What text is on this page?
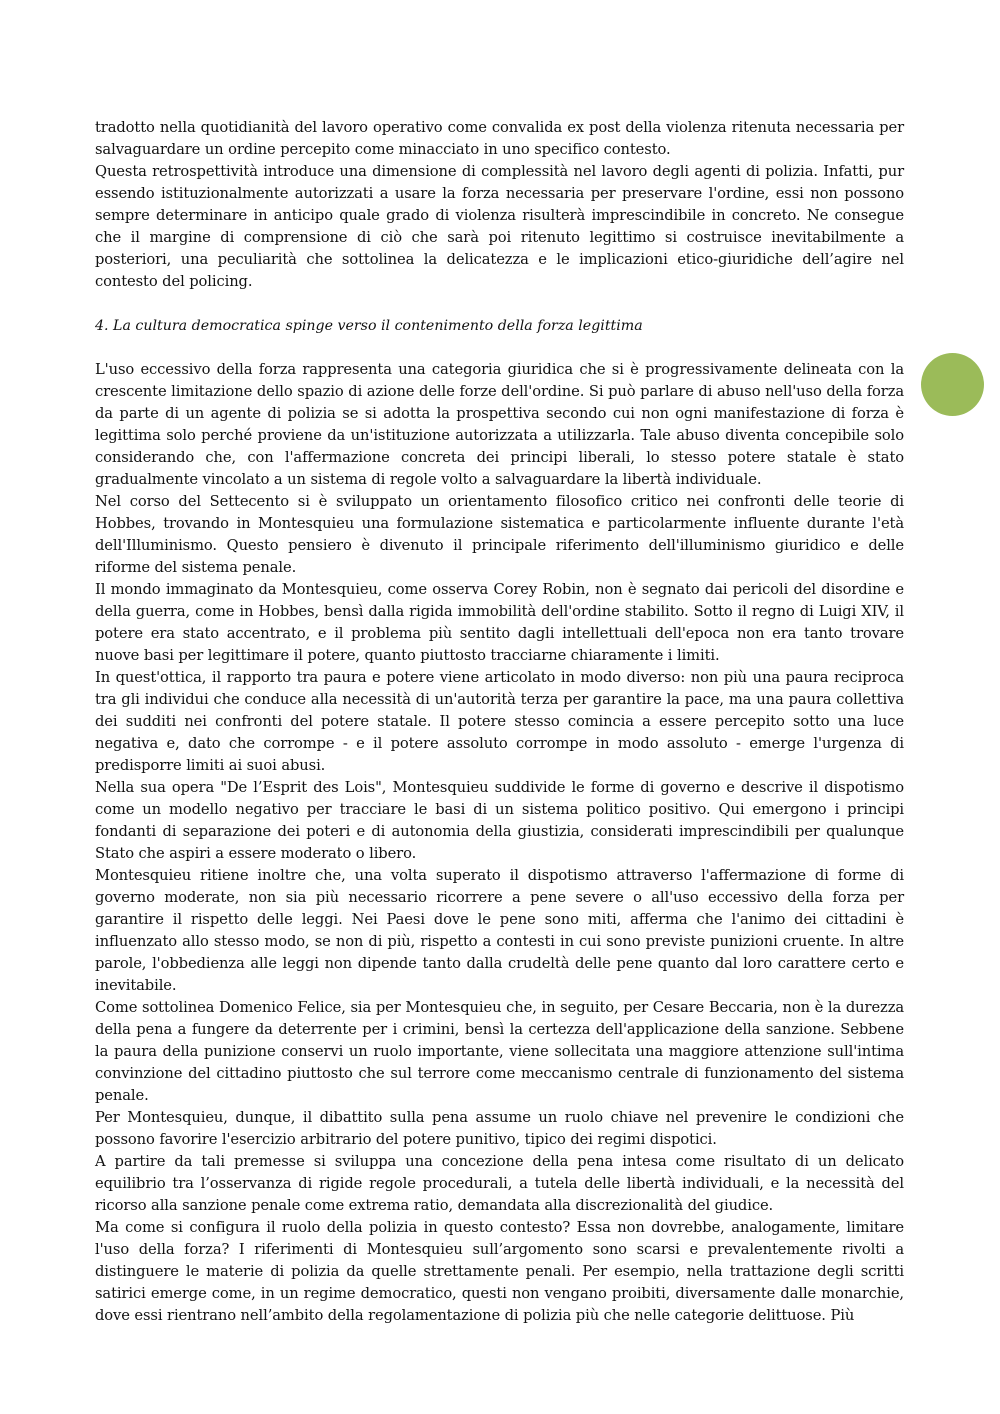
tradotto nella quotidianità del lavoro operativo come convalida ex post della violenza ritenuta necessaria per salvaguardare un ordine percepito come minacciato in uno specifico contesto.

Questa retrospettività introduce una dimensione di complessità nel lavoro degli agenti di polizia. Infatti, pur essendo istituzionalmente autorizzati a usare la forza necessaria per preservare l'ordine, essi non possono sempre determinare in anticipo quale grado di violenza risulterà imprescindibile in concreto. Ne consegue che il margine di comprensione di ciò che sarà poi ritenuto legittimo si costruisce inevitabilmente a posteriori, una peculiarità che sottolinea la delicatezza e le implicazioni etico-giuridiche dell’agire nel contesto del policing.

4. La cultura democratica spinge verso il contenimento della forza legittima

L'uso eccessivo della forza rappresenta una categoria giuridica che si è progressivamente delineata con la crescente limitazione dello spazio di azione delle forze dell'ordine. Si può parlare di abuso nell'uso della forza da parte di un agente di polizia se si adotta la prospettiva secondo cui non ogni manifestazione di forza è legittima solo perché proviene da un'istituzione autorizzata a utilizzarla. Tale abuso diventa concepibile solo considerando che, con l'affermazione concreta dei principi liberali, lo stesso potere statale è stato gradualmente vincolato a un sistema di regole volto a salvaguardare la libertà individuale.

Nel corso del Settecento si è sviluppato un orientamento filosofico critico nei confronti delle teorie di Hobbes, trovando in Montesquieu una formulazione sistematica e particolarmente influente durante l'età dell'Illuminismo. Questo pensiero è divenuto il principale riferimento dell'illuminismo giuridico e delle riforme del sistema penale.

Il mondo immaginato da Montesquieu, come osserva Corey Robin, non è segnato dai pericoli del disordine e della guerra, come in Hobbes, bensì dalla rigida immobilità dell'ordine stabilito. Sotto il regno di Luigi XIV, il potere era stato accentrato, e il problema più sentito dagli intellettuali dell'epoca non era tanto trovare nuove basi per legittimare il potere, quanto piuttosto tracciarne chiaramente i limiti.

In quest'ottica, il rapporto tra paura e potere viene articolato in modo diverso: non più una paura reciproca tra gli individui che conduce alla necessità di un'autorità terza per garantire la pace, ma una paura collettiva dei sudditi nei confronti del potere statale. Il potere stesso comincia a essere percepito sotto una luce negativa e, dato che corrompe - e il potere assoluto corrompe in modo assoluto - emerge l'urgenza di predisporre limiti ai suoi abusi.

Nella sua opera "De l’Esprit des Lois", Montesquieu suddivide le forme di governo e descrive il dispotismo come un modello negativo per tracciare le basi di un sistema politico positivo. Qui emergono i principi fondanti di separazione dei poteri e di autonomia della giustizia, considerati imprescindibili per qualunque Stato che aspiri a essere moderato o libero.

Montesquieu ritiene inoltre che, una volta superato il dispotismo attraverso l'affermazione di forme di governo moderate, non sia più necessario ricorrere a pene severe o all'uso eccessivo della forza per garantire il rispetto delle leggi. Nei Paesi dove le pene sono miti, afferma che l'animo dei cittadini è influenzato allo stesso modo, se non di più, rispetto a contesti in cui sono previste punizioni cruente. In altre parole, l'obbedienza alle leggi non dipende tanto dalla crudeltà delle pene quanto dal loro carattere certo e inevitabile.

Come sottolinea Domenico Felice, sia per Montesquieu che, in seguito, per Cesare Beccaria, non è la durezza della pena a fungere da deterrente per i crimini, bensì la certezza dell'applicazione della sanzione. Sebbene la paura della punizione conservi un ruolo importante, viene sollecitata una maggiore attenzione sull'intima convinzione del cittadino piuttosto che sul terrore come meccanismo centrale di funzionamento del sistema penale.

Per Montesquieu, dunque, il dibattito sulla pena assume un ruolo chiave nel prevenire le condizioni che possono favorire l'esercizio arbitrario del potere punitivo, tipico dei regimi dispotici.

A partire da tali premesse si sviluppa una concezione della pena intesa come risultato di un delicato equilibrio tra l’osservanza di rigide regole procedurali, a tutela delle libertà individuali, e la necessità del ricorso alla sanzione penale come extrema ratio, demandata alla discrezionalità del giudice.

Ma come si configura il ruolo della polizia in questo contesto? Essa non dovrebbe, analogamente, limitare l'uso della forza? I riferimenti di Montesquieu sull’argomento sono scarsi e prevalentemente rivolti a distinguere le materie di polizia da quelle strettamente penali. Per esempio, nella trattazione degli scritti satirici emerge come, in un regime democratico, questi non vengano proibiti, diversamente dalle monarchie, dove essi rientrano nell’ambito della regolamentazione di polizia più che nelle categorie delittuose. Più
